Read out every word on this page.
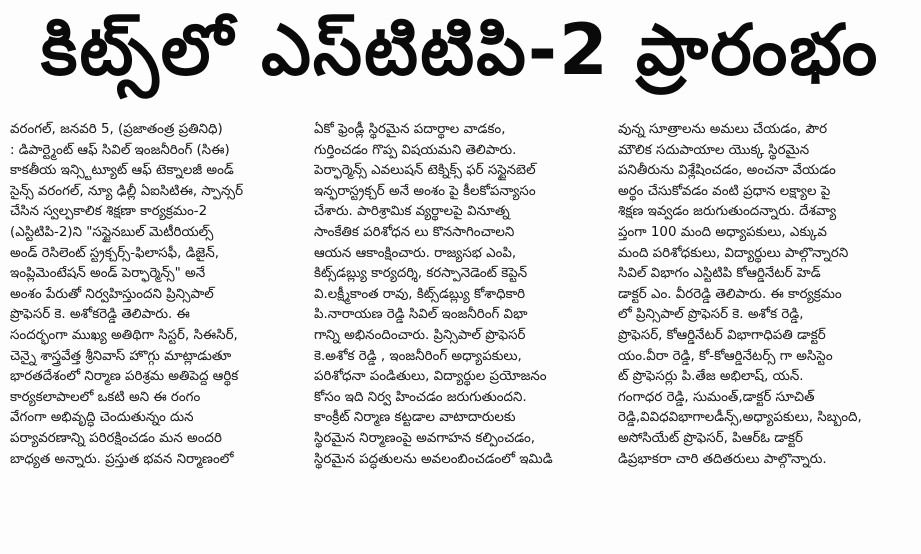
కిట్స్‌లో ఎస్‌టిటిపి-2 ప్రారంభం
వరంగల్, జనవరి 5, (ప్రజాతంత్ర ప్రతినిధి)
: డిపార్ట్మెంట్ ఆఫ్ సివిల్ ఇంజనీరింగ్ (సిఈ)
కాకతీయ ఇన్స్టిట్యూట్ ఆఫ్ టెక్నాలజీ అండ్
సైన్స్ వరంగల్, న్యూ ఢిల్లీ ఏఐసిటిఈ, స్పాన్సర్
చేసిన స్వల్పకాలిక శిక్షణా కార్యక్రమం-2
(ఎస్టిటిపి-2)ని "సస్టైనబుల్ మెటీరియల్స్
అండ్ రెసిలెంట్ స్ట్రక్చర్స్-ఫిలాసఫీ, డిజైన్,
ఇంప్లిమెంటేషన్ అండ్ పెర్ఫార్మెన్స్" అనే
అంశం పేరుతో నిర్వహిస్తుందని ప్రిన్సిపాల్
ప్రొఫెసర్ కె. అశోకరెడ్డి తెలిపారు. ఈ
సందర్భంగా ముఖ్య అతిథిగా సిస్టర్, సిఈసిర్,
చెన్నై శాస్త్రవేత్త శ్రీనివాస్ హొగ్గు మాట్లాడుతూ
భారతదేశంలో నిర్మాణ పరిశ్రమ అతిపెద్ద ఆర్థిక
కార్యకలాపాలలో ఒకటి అని ఈ రంగం
వేగంగా అభివృద్ధి చెందుతున్నం దున
పర్యావరణాన్ని పరిరక్షించడం మన అందరి
బాధ్యత అన్నారు. ప్రస్తుత భవన నిర్మాణంలో
ఏకో ఫ్రెండ్లీ స్థిరమైన పదార్థాల వాడకం,
గుర్తించడం గొప్ప విషయమని తెలిపారు.
పెర్ఫార్మెన్స్ ఎవలుషన్ టెక్నిక్స్ ఫర్ సస్టైనబెల్
ఇన్ఫరాస్ట్రక్చర్ అనే అంశం పై కీలకోపన్యాసం
చేశారు. పారిశ్రామిక వ్యర్థాలపై వినూత్న
సాంకేతిక పరిశోధన లు కొనసాగించాలని
ఆయన ఆకాంక్షించారు. రాజ్యసభ ఎంపి,
కిట్స్‌డబ్ల్యు కార్యదర్శి, కరస్పానెడెంట్ కెప్టెన్
వి.లక్ష్మీకాంత రావు, కిట్స్‌డబ్ల్యు కోశాధికారి
పి.నారాయణ రెడ్డి సివిల్ ఇంజనీరింగ్ విభా
గాన్ని అభినందించారు. ప్రిన్సిపాల్ ప్రొఫెసర్
కె.అశోక రెడ్డి , ఇంజనీరింగ్ అధ్యాపకులు,
పరిశోధనా పండితులు, విద్యార్థుల ప్రయోజనం
కోసం ఇది నిర్వ హించడం జరుగుతుందని.
కాంక్రీట్ నిర్మాణ కట్టడాల వాటాదారులకు
స్థిరమైన నిర్మాణంపై అవగాహన కల్పించడం,
స్థిరమైన పద్ధతులను అవలంబించడంలో ఇమిడి
వున్న సూత్రాలను అమలు చేయడం, పౌర
మౌలిక సదుపాయాల యొక్క స్థిరమైన
పనితీరును విశ్లేషించడం, అంచనా వేయడం
అర్థం చేసుకోవడం వంటి ప్రధాన లక్ష్యాల పై
శిక్షణ ఇవ్వడం జరుగుతుందన్నారు. దేశవ్యా
ప్తంగా 100 మంది అధ్యాపకులు, ఎక్కువ
మంది పరిశోధకులు, విద్యార్థులు పాల్గొన్నారని
సివిల్ విభాగం ఎస్టిటిపి కోఆర్డినేటర్ హెడ్
డాక్టర్ ఎం. వీరరెడ్డి తెలిపారు. ఈ కార్యక్రమం
లో ప్రిన్సిపాల్ ప్రొఫెసర్ కె. అశోక రెడ్డి,
ప్రొఫెసర్, కోఆర్డినేటర్ విభాగాధిపతి డాక్టర్
యం.వీరా రెడ్డి, కో-కోఆర్డినేటర్స్ గా అసిస్టెం
ట్ ప్రొఫెసర్లు పి.తేజ అభిలాష్, యన్.
గంగాధర రెడ్డి, సుమంత్,డాక్టర్ సూచిత్
రెడ్డి,వివిధవిభాగాలడీన్స్,అధ్యాపకులు, సిబ్బంది,
అసోసియేట్ ప్రొఫెసర్, పిఆర్‌ఓ డాక్టర్
డిప్రభాకరా చారి తదితరులు పాల్గొన్నారు.
